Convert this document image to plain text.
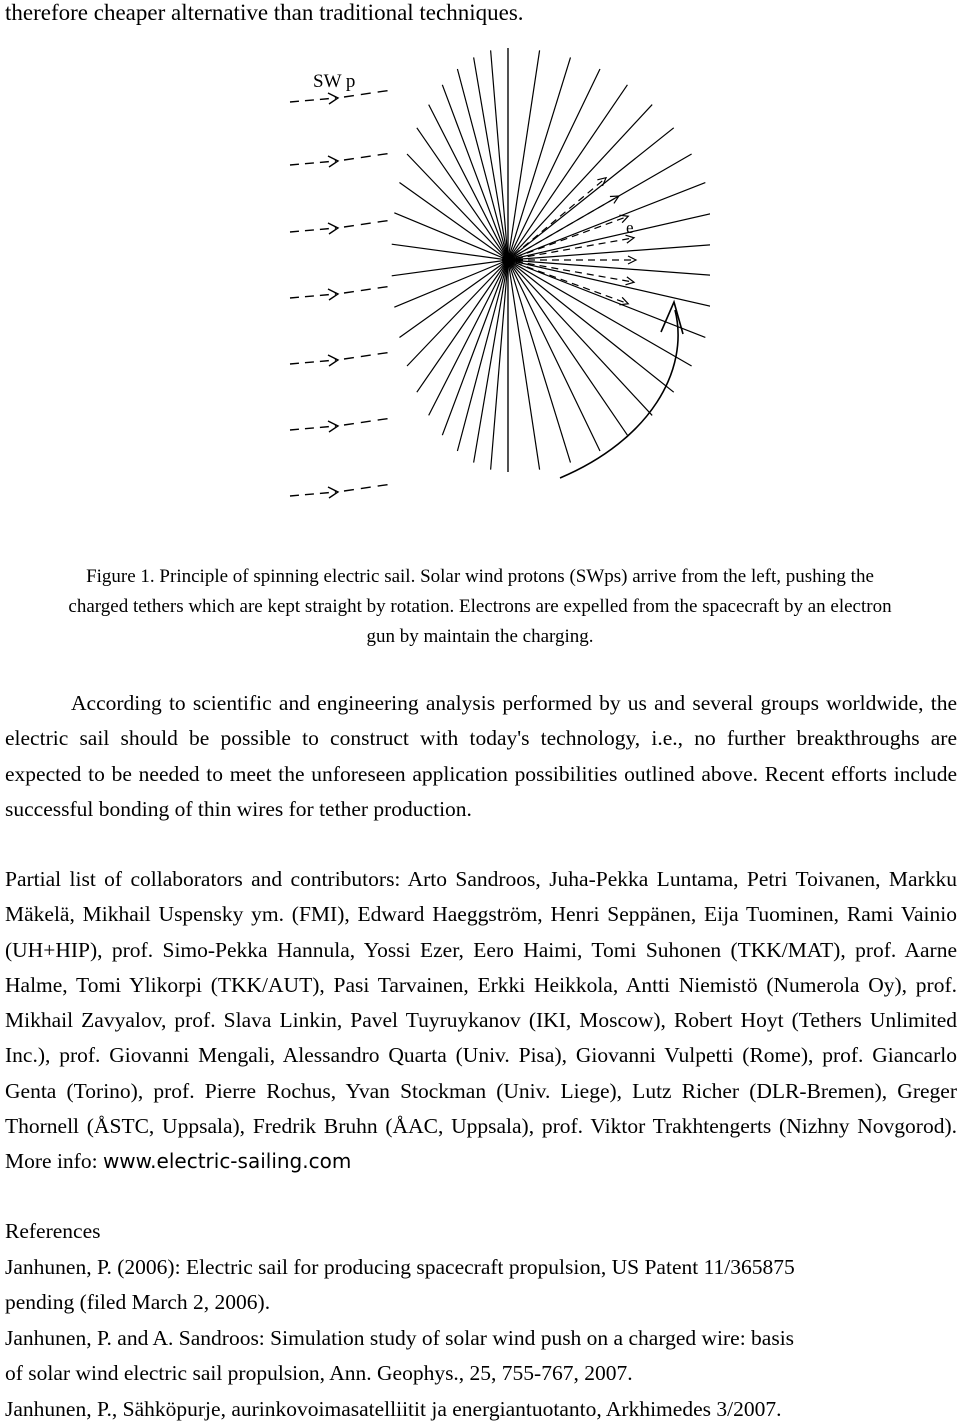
therefore cheaper alternative than traditional techniques.
SW p
e
Figure 1. Principle of spinning electric sail. Solar wind protons (SWps) arrive from the left, pushing the
charged tethers which are kept straight by rotation. Electrons are expelled from the spacecraft by an electron
gun by maintain the charging.

According to scientific and engineering analysis performed by us and several groups worldwide, the electric sail should be possible to construct with today's technology, i.e., no further breakthroughs are expected to be needed to meet the unforeseen application possibilities outlined above. Recent efforts include successful bonding of thin wires for tether production.

Partial list of collaborators and contributors: Arto Sandroos, Juha-Pekka Luntama, Petri Toivanen, Markku Mäkelä, Mikhail Uspensky ym. (FMI), Edward Haeggström, Henri Seppänen, Eija Tuominen, Rami Vainio (UH+HIP), prof. Simo-Pekka Hannula, Yossi Ezer, Eero Haimi, Tomi Suhonen (TKK/MAT), prof. Aarne Halme, Tomi Ylikorpi (TKK/AUT), Pasi Tarvainen, Erkki Heikkola, Antti Niemistö (Numerola Oy), prof. Mikhail Zavyalov, prof. Slava Linkin, Pavel Tuyruykanov (IKI, Moscow), Robert Hoyt (Tethers Unlimited Inc.), prof. Giovanni Mengali, Alessandro Quarta (Univ. Pisa), Giovanni Vulpetti (Rome), prof. Giancarlo Genta (Torino), prof. Pierre Rochus, Yvan Stockman (Univ. Liege), Lutz Richer (DLR-Bremen), Greger Thornell (ÅSTC, Uppsala), Fredrik Bruhn (ÅAC, Uppsala), prof. Viktor Trakhtengerts (Nizhny Novgorod). More info: www.electric-sailing.com

References
Janhunen, P. (2006): Electric sail for producing spacecraft propulsion, US Patent 11/365875
pending (filed March 2, 2006).
Janhunen, P. and A. Sandroos: Simulation study of solar wind push on a charged wire: basis
of solar wind electric sail propulsion, Ann. Geophys., 25, 755-767, 2007.
Janhunen, P., Sähköpurje, aurinkovoimasatelliitit ja energiantuotanto, Arkhimedes 3/2007.
